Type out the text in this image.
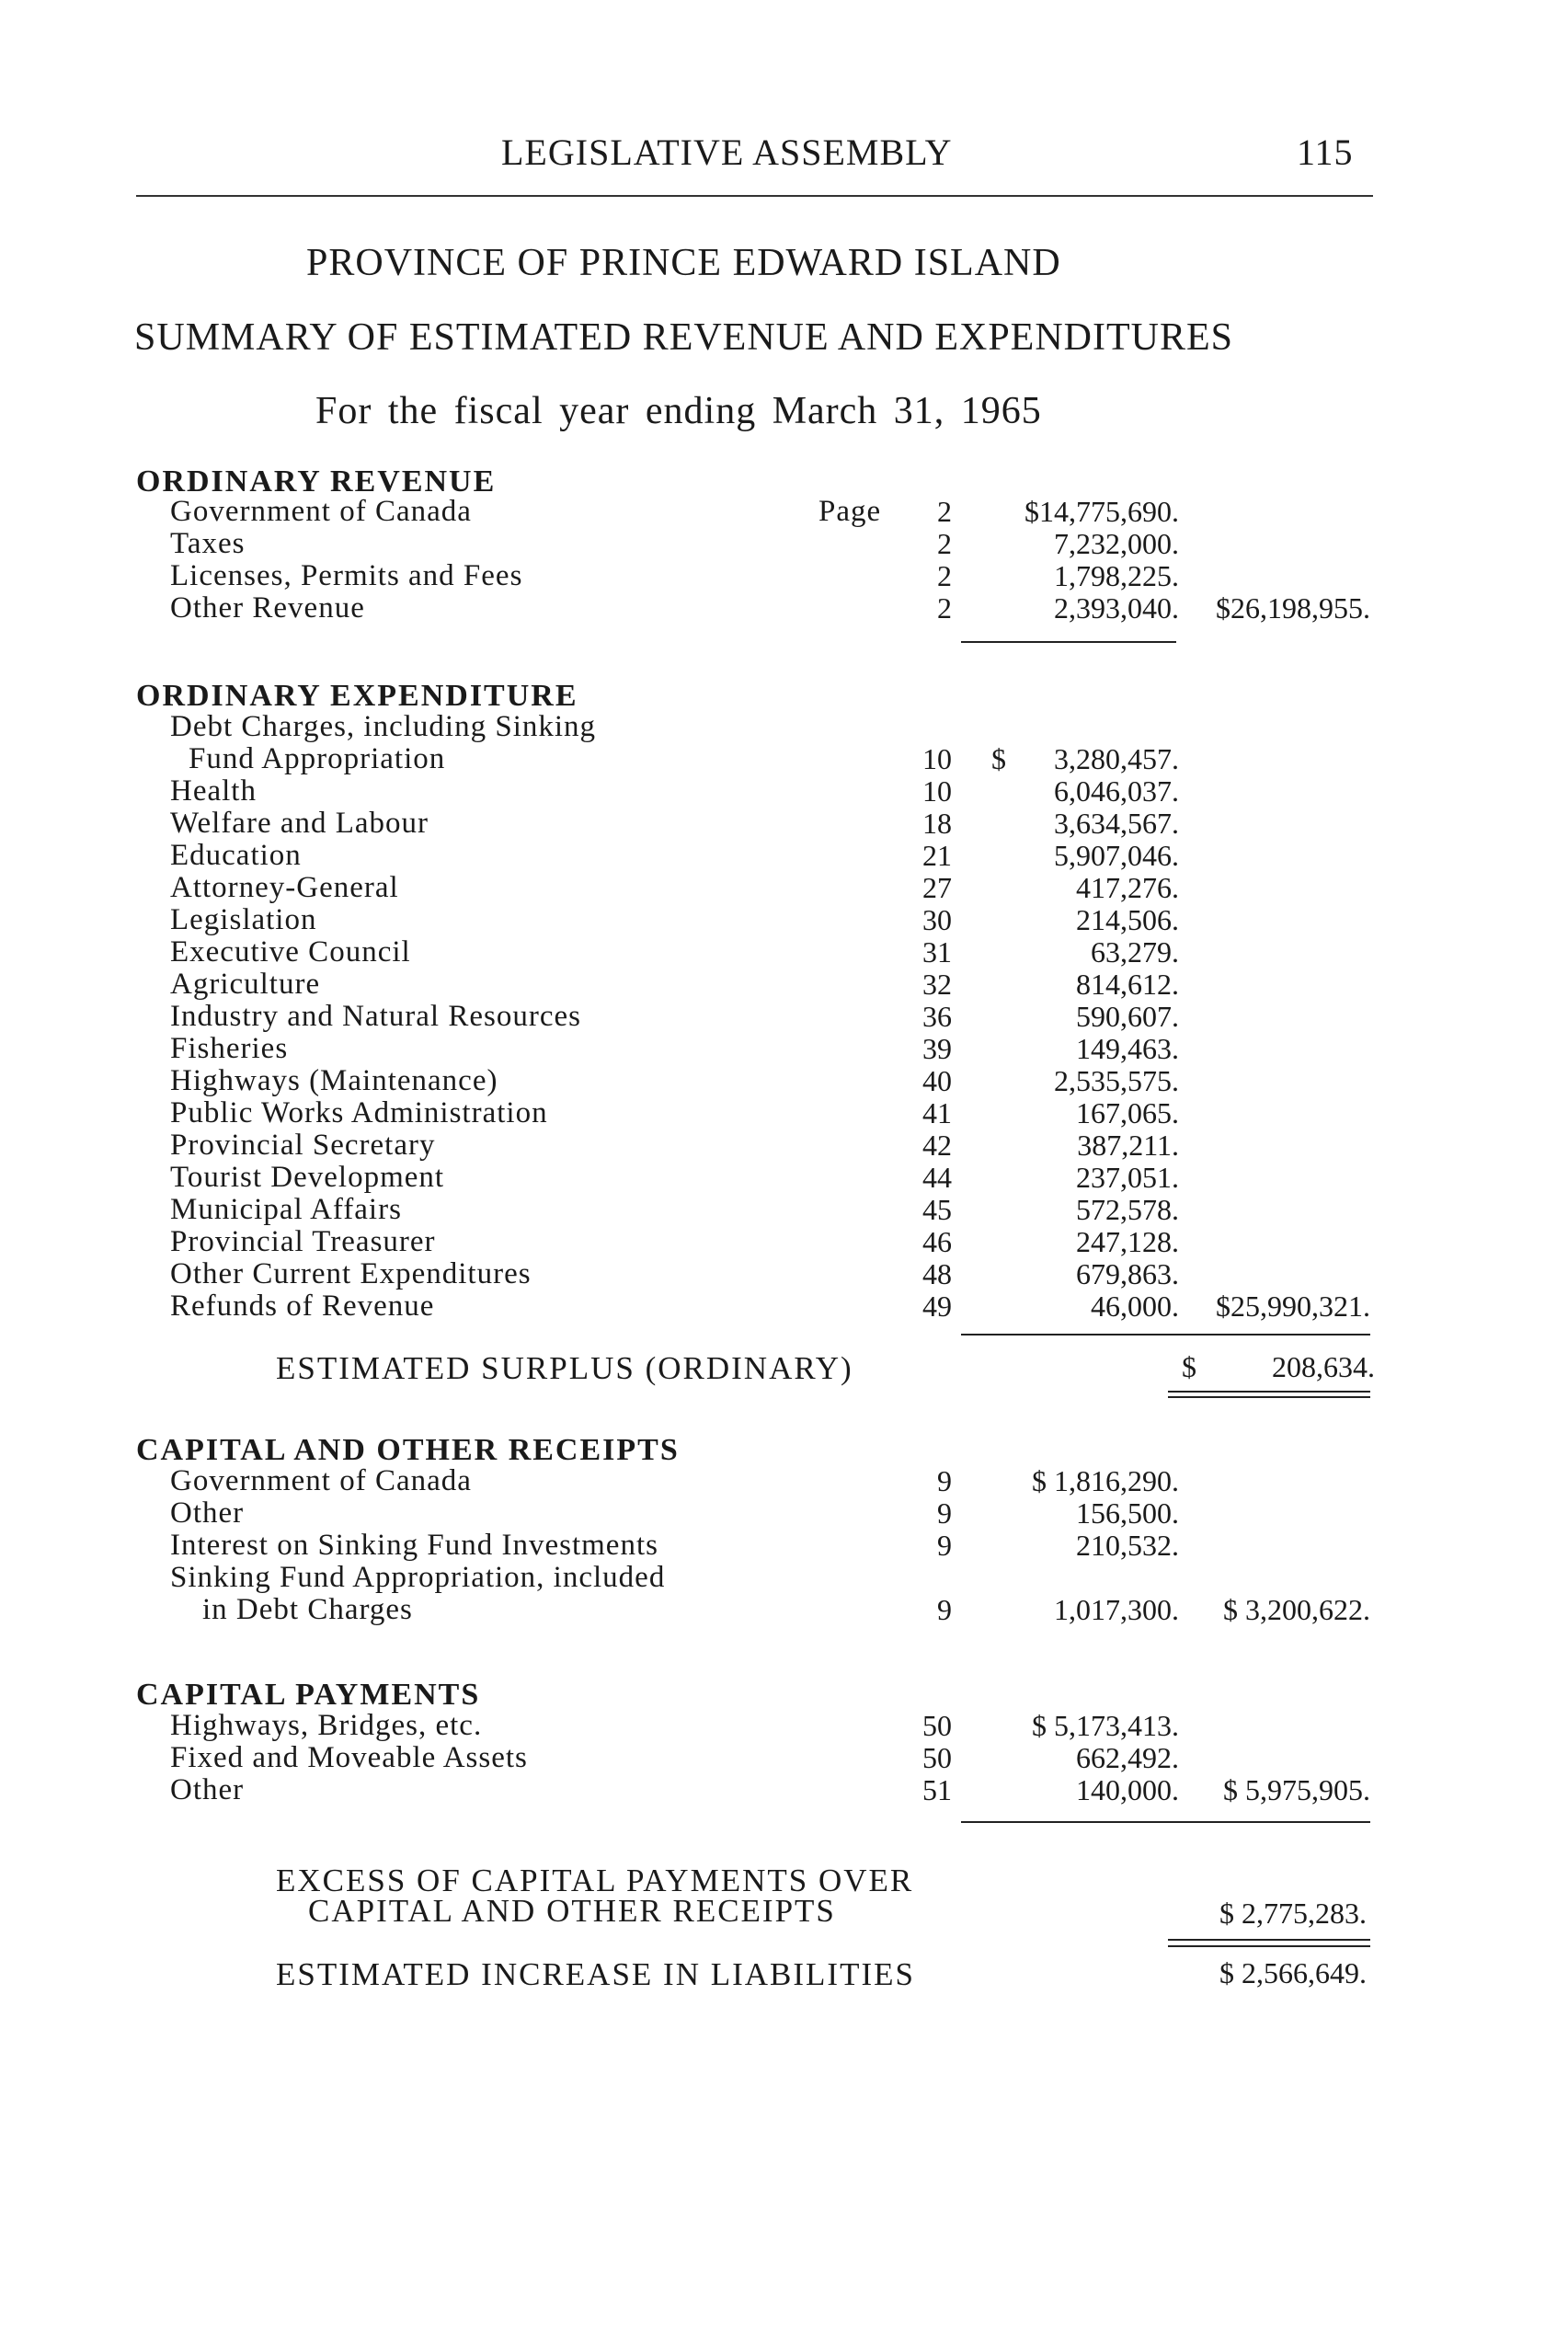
LEGISLATIVE ASSEMBLY	115
PROVINCE OF PRINCE EDWARD ISLAND
SUMMARY OF ESTIMATED REVENUE AND EXPENDITURES
For the fiscal year ending March 31, 1965
ORDINARY REVENUE
Page
Government of Canada	2	$14,775,690.
Taxes	2	7,232,000.
Licenses, Permits and Fees	2	1,798,225.
Other Revenue	2	2,393,040.	$26,198,955.
ORDINARY EXPENDITURE
Debt Charges, including Sinking
Fund Appropriation	10 $	3,280,457.
Health	10	6,046,037.
Welfare and Labour	18	3,634,567.
Education	21	5,907,046.
Attorney-General	27	417,276.
Legislation	30	214,506.
Executive Council	31	63,279.
Agriculture	32	814,612.
Industry and Natural Resources	36	590,607.
Fisheries	39	149,463.
Highways (Maintenance)	40	2,535,575.
Public Works Administration	41	167,065.
Provincial Secretary	42	387,211.
Tourist Development	44	237,051.
Municipal Affairs	45	572,578.
Provincial Treasurer	46	247,128.
Other Current Expenditures	48	679,863.
Refunds of Revenue	49	46,000.	$25,990,321.
ESTIMATED SURPLUS (ORDINARY)	$	208,634.
CAPITAL AND OTHER RECEIPTS
Government of Canada	9	$ 1,816,290.
Other	9	156,500.
Interest on Sinking Fund Investments	9	210,532.
Sinking Fund Appropriation, included
in Debt Charges	9	1,017,300.	$ 3,200,622.
CAPITAL PAYMENTS
Highways, Bridges, etc.	50	$ 5,173,413.
Fixed and Moveable Assets	50	662,492.
Other	51	140,000.	$ 5,975,905.
EXCESS OF CAPITAL PAYMENTS OVER
CAPITAL AND OTHER RECEIPTS	$ 2,775,283.
ESTIMATED INCREASE IN LIABILITIES	$ 2,566,649.
